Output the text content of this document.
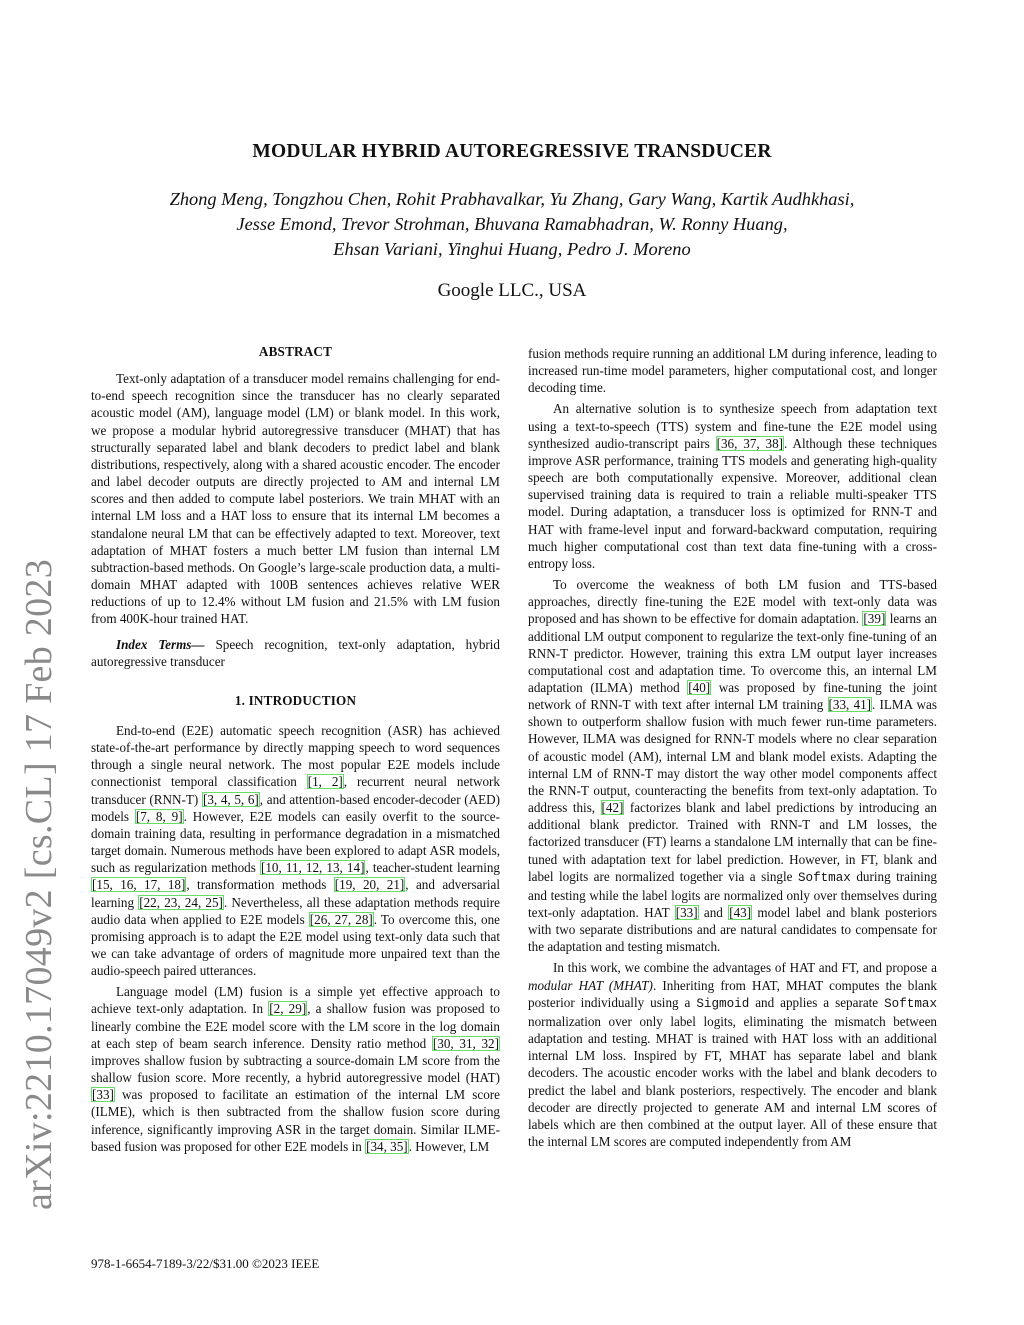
arXiv:2210.17049v2 [cs.CL] 17 Feb 2023
MODULAR HYBRID AUTOREGRESSIVE TRANSDUCER
Zhong Meng, Tongzhou Chen, Rohit Prabhavalkar, Yu Zhang, Gary Wang, Kartik Audhkhasi,
Jesse Emond, Trevor Strohman, Bhuvana Ramabhadran, W. Ronny Huang,
Ehsan Variani, Yinghui Huang, Pedro J. Moreno
Google LLC., USA
ABSTRACT

Text-only adaptation of a transducer model remains challenging for end-to-end speech recognition since the transducer has no clearly separated acoustic model (AM), language model (LM) or blank model. In this work, we propose a modular hybrid autoregressive transducer (MHAT) that has structurally separated label and blank decoders to predict label and blank distributions, respectively, along with a shared acoustic encoder. The encoder and label decoder outputs are directly projected to AM and internal LM scores and then added to compute label posteriors. We train MHAT with an internal LM loss and a HAT loss to ensure that its internal LM becomes a standalone neural LM that can be effectively adapted to text. Moreover, text adaptation of MHAT fosters a much better LM fusion than internal LM subtraction-based methods. On Google’s large-scale production data, a multi-domain MHAT adapted with 100B sentences achieves relative WER reductions of up to 12.4% without LM fusion and 21.5% with LM fusion from 400K-hour trained HAT.

Index Terms— Speech recognition, text-only adaptation, hybrid autoregressive transducer

1. INTRODUCTION

End-to-end (E2E) automatic speech recognition (ASR) has achieved state-of-the-art performance by directly mapping speech to word sequences through a single neural network. The most popular E2E models include connectionist temporal classification [1, 2], recurrent neural network transducer (RNN-T) [3, 4, 5, 6], and attention-based encoder-decoder (AED) models [7, 8, 9]. However, E2E models can easily overfit to the source-domain training data, resulting in performance degradation in a mismatched target domain. Numerous methods have been explored to adapt ASR models, such as regularization methods [10, 11, 12, 13, 14], teacher-student learning [15, 16, 17, 18], transformation methods [19, 20, 21], and adversarial learning [22, 23, 24, 25]. Nevertheless, all these adaptation methods require audio data when applied to E2E models [26, 27, 28]. To overcome this, one promising approach is to adapt the E2E model using text-only data such that we can take advantage of orders of magnitude more unpaired text than the audio-speech paired utterances.

Language model (LM) fusion is a simple yet effective approach to achieve text-only adaptation. In [2, 29], a shallow fusion was proposed to linearly combine the E2E model score with the LM score in the log domain at each step of beam search inference. Density ratio method [30, 31, 32] improves shallow fusion by subtracting a source-domain LM score from the shallow fusion score. More recently, a hybrid autoregressive model (HAT) [33] was proposed to facilitate an estimation of the internal LM score (ILME), which is then subtracted from the shallow fusion score during inference, significantly improving ASR in the target domain. Similar ILME-based fusion was proposed for other E2E models in [34, 35]. However, LM

fusion methods require running an additional LM during inference, leading to increased run-time model parameters, higher computational cost, and longer decoding time.

An alternative solution is to synthesize speech from adaptation text using a text-to-speech (TTS) system and fine-tune the E2E model using synthesized audio-transcript pairs [36, 37, 38]. Although these techniques improve ASR performance, training TTS models and generating high-quality speech are both computationally expensive. Moreover, additional clean supervised training data is required to train a reliable multi-speaker TTS model. During adaptation, a transducer loss is optimized for RNN-T and HAT with frame-level input and forward-backward computation, requiring much higher computational cost than text data fine-tuning with a cross-entropy loss.

To overcome the weakness of both LM fusion and TTS-based approaches, directly fine-tuning the E2E model with text-only data was proposed and has shown to be effective for domain adaptation. [39] learns an additional LM output component to regularize the text-only fine-tuning of an RNN-T predictor. However, training this extra LM output layer increases computational cost and adaptation time. To overcome this, an internal LM adaptation (ILMA) method [40] was proposed by fine-tuning the joint network of RNN-T with text after internal LM training [33, 41]. ILMA was shown to outperform shallow fusion with much fewer run-time parameters. However, ILMA was designed for RNN-T models where no clear separation of acoustic model (AM), internal LM and blank model exists. Adapting the internal LM of RNN-T may distort the way other model components affect the RNN-T output, counteracting the benefits from text-only adaptation. To address this, [42] factorizes blank and label predictions by introducing an additional blank predictor. Trained with RNN-T and LM losses, the factorized transducer (FT) learns a standalone LM internally that can be fine-tuned with adaptation text for label prediction. However, in FT, blank and label logits are normalized together via a single Softmax during training and testing while the label logits are normalized only over themselves during text-only adaptation. HAT [33] and [43] model label and blank posteriors with two separate distributions and are natural candidates to compensate for the adaptation and testing mismatch.

In this work, we combine the advantages of HAT and FT, and propose a modular HAT (MHAT). Inheriting from HAT, MHAT computes the blank posterior individually using a Sigmoid and applies a separate Softmax normalization over only label logits, eliminating the mismatch between adaptation and testing. MHAT is trained with HAT loss with an additional internal LM loss. Inspired by FT, MHAT has separate label and blank decoders. The acoustic encoder works with the label and blank decoders to predict the label and blank posteriors, respectively. The encoder and blank decoder are directly projected to generate AM and internal LM scores of labels which are then combined at the output layer. All of these ensure that the internal LM scores are computed independently from AM

978-1-6654-7189-3/22/$31.00 ©2023 IEEE
